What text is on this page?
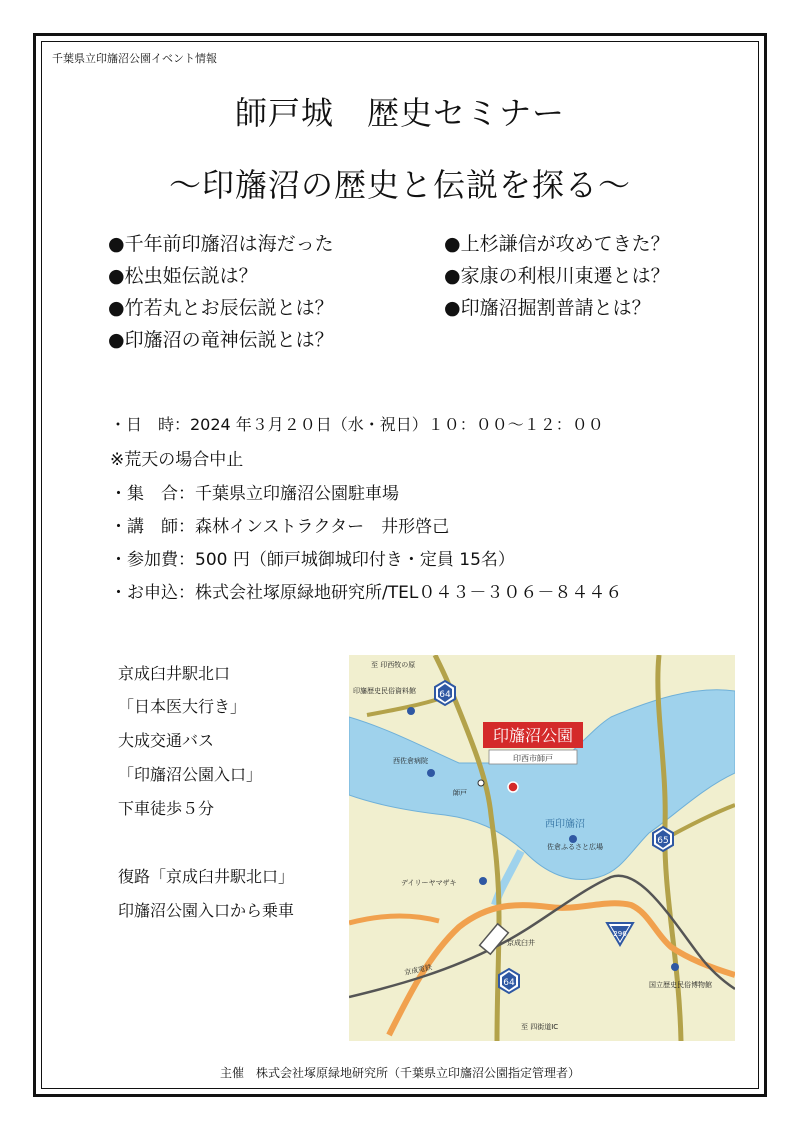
千葉県立印旛沼公園イベント情報
師戸城　歴史セミナー
～印旛沼の歴史と伝説を探る～
●千年前印旛沼は海だった
●松虫姫伝説は？
●竹若丸とお辰伝説とは？
●印旛沼の竜神伝説とは？
●上杉謙信が攻めてきた？
●家康の利根川東遷とは？
●印旛沼掘割普請とは？
・日　時：2024 年３月２０日（水・祝日）１０：００～１２：００
※荒天の場合中止
・集　合：千葉県立印旛沼公園駐車場
・講　師：森林インストラクター　井形啓己
・参加費：500 円（師戸城御城印付き・定員 15名）
・お申込：株式会社塚原緑地研究所/TEL０４３－３０６－８４４６
京成臼井駅北口
「日本医大行き」
大成交通バス
「印旛沼公園入口」
下車徒歩５分
復路「京成臼井駅北口」
印旛沼公園入口から乗車
印旛沼公園
印西市師戸
西印旛沼
64
65
296
64
至 印西牧の原
印旛歴史民俗資料館
西佐倉病院
師戸
佐倉ふるさと広場
デイリーヤマザキ
京成臼井
京成電鉄
国立歴史民俗博物館
至 四街道IC
主催　株式会社塚原緑地研究所（千葉県立印旛沼公園指定管理者）
